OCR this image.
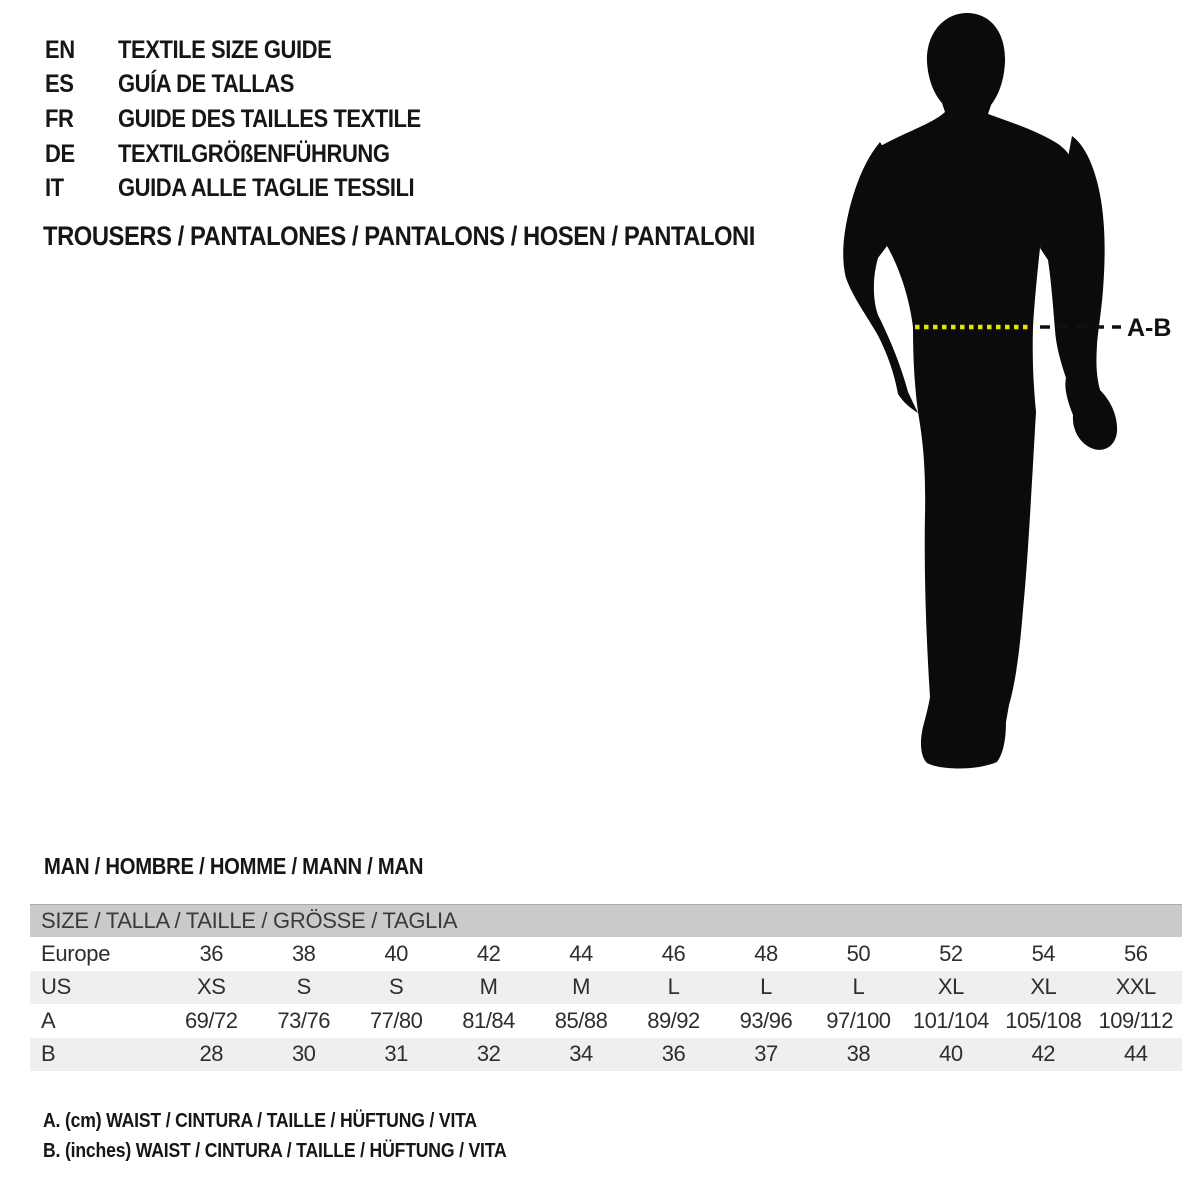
EN	TEXTILE SIZE GUIDE
ES	GUÍA DE TALLAS
FR	GUIDE DES TAILLES TEXTILE
DE	TEXTILGRÖßENFÜHRUNG
IT	GUIDA ALLE TAGLIE TESSILI
TROUSERS / PANTALONES / PANTALONS / HOSEN / PANTALONI
A-B
MAN / HOMBRE / HOMME / MANN / MAN
SIZE / TALLA / TAILLE / GRÖSSE / TAGLIA
Europe	36	38	40	42	44	46	48	50	52	54	56
US	XS	S	S	M	M	L	L	L	XL	XL	XXL
A	69/72	73/76	77/80	81/84	85/88	89/92	93/96	97/100	101/104 105/108 109/112
B	28	30	31	32	34	36	37	38	40	42	44
A. (cm) WAIST / CINTURA / TAILLE / HÜFTUNG / VITA
B. (inches) WAIST / CINTURA / TAILLE / HÜFTUNG / VITA
